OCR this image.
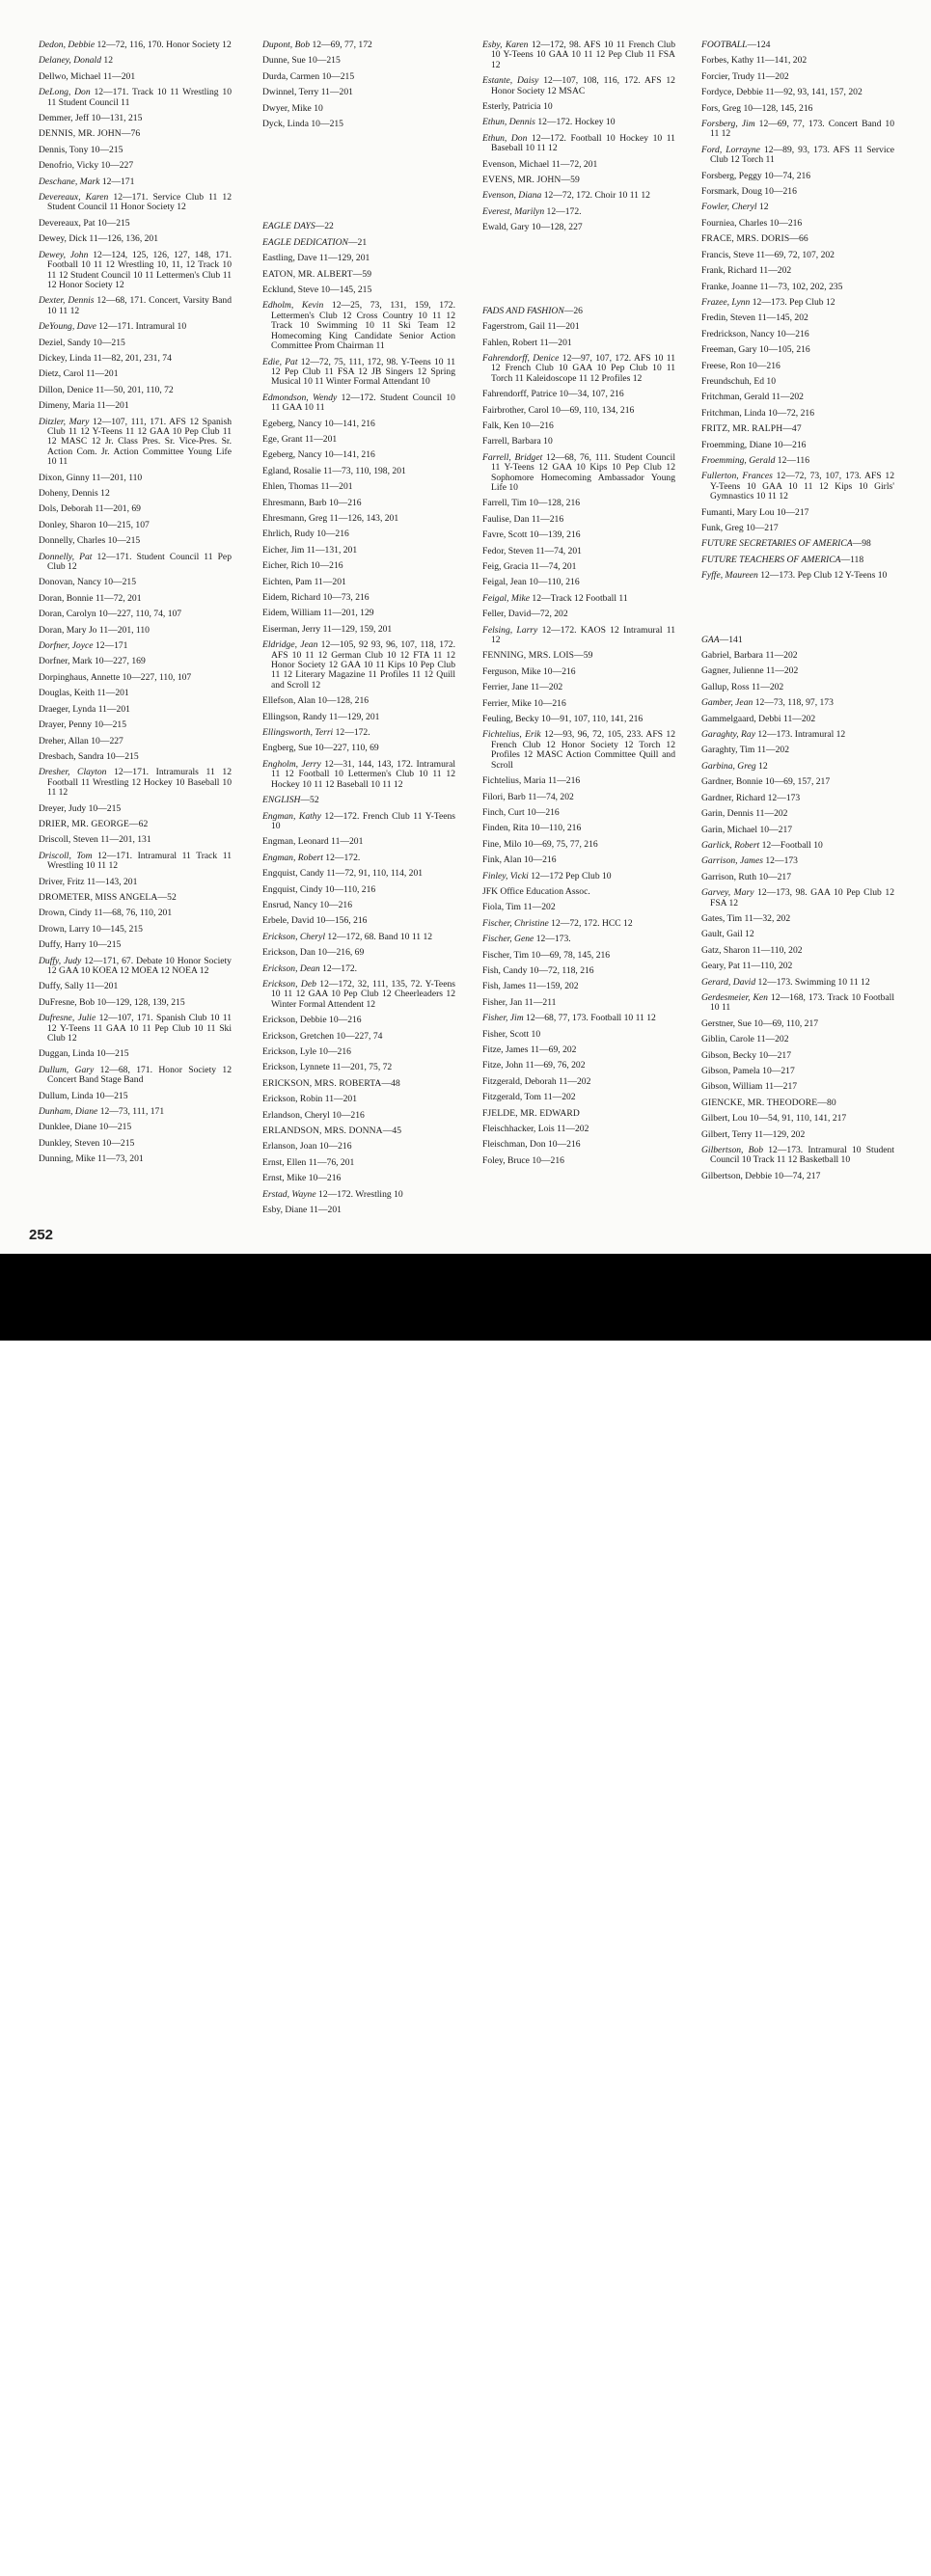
Dedon, Debbie 12—72, 116, 170. Honor Society 12
Delaney, Donald 12
Dellwo, Michael 11—201
DeLong, Don 12—171. Track 10 11 Wrestling 10 11 Student Council 11
Demmer, Jeff 10—131, 215
DENNIS, MR. JOHN—76
Dennis, Tony 10—215
Denofrio, Vicky 10—227
Deschane, Mark 12—171
Devereaux, Karen 12—171. Service Club 11 12 Student Council 11 Honor Society 12
Devereaux, Pat 10—215
Dewey, Dick 11—126, 136, 201
Dewey, John 12—124, 125, 126, 127, 148, 171. Football 10 11 12 Wrestling 10, 11, 12 Track 10 11 12 Student Council 10 11 Lettermen's Club 11 12 Honor Society 12
Dexter, Dennis 12—68, 171. Concert, Varsity Band 10 11 12
DeYoung, Dave 12—171. Intramural 10
Deziel, Sandy 10—215
Dickey, Linda 11—82, 201, 231, 74
Dietz, Carol 11—201
Dillon, Denice 11—50, 201, 110, 72
Dimeny, Maria 11—201
Ditzler, Mary 12—107, 111, 171. AFS 12 Spanish Club 11 12 Y-Teens 11 12 GAA 10 Pep Club 11 12 MASC 12 Jr. Class Pres. Sr. Vice-Pres. Sr. Action Com. Jr. Action Committee Young Life 10 11
Dixon, Ginny 11—201, 110
Doheny, Dennis 12
Dols, Deborah 11—201, 69
Donley, Sharon 10—215, 107
Donnelly, Charles 10—215
Donnelly, Pat 12—171. Student Council 11 Pep Club 12
Donovan, Nancy 10—215
Doran, Bonnie 11—72, 201
Doran, Carolyn 10—227, 110, 74, 107
Doran, Mary Jo 11—201, 110
Dorfner, Joyce 12—171
Dorfner, Mark 10—227, 169
Dorpinghaus, Annette 10—227, 110, 107
Douglas, Keith 11—201
Draeger, Lynda 11—201
Drayer, Penny 10—215
Dreher, Allan 10—227
Dresbach, Sandra 10—215
Dresher, Clayton 12—171. Intramurals 11 12 Football 11 Wrestling 12 Hockey 10 Baseball 10 11 12
Dreyer, Judy 10—215
DRIER, MR. GEORGE—62
Driscoll, Steven 11—201, 131
Driscoll, Tom 12—171. Intramural 11 Track 11 Wrestling 10 11 12
Driver, Fritz 11—143, 201
DROMETER, MISS ANGELA—52
Drown, Cindy 11—68, 76, 110, 201
Drown, Larry 10—145, 215
Duffy, Harry 10—215
Duffy, Judy 12—171, 67. Debate 10 Honor Society 12 GAA 10 KOEA 12 MOEA 12 NOEA 12
Duffy, Sally 11—201
DuFresne, Bob 10—129, 128, 139, 215
Dufresne, Julie 12—107, 171. Spanish Club 10 11 12 Y-Teens 11 GAA 10 11 Pep Club 10 11 Ski Club 12
Duggan, Linda 10—215
Dullum, Gary 12—68, 171. Honor Society 12 Concert Band Stage Band
Dullum, Linda 10—215
Dunham, Diane 12—73, 111, 171
Dunklee, Diane 10—215
Dunkley, Steven 10—215
Dunning, Mike 11—73, 201
Dupont, Bob 12—69, 77, 172
Dunne, Sue 10—215
Durda, Carmen 10—215
Dwinnel, Terry 11—201
Dwyer, Mike 10
Dyck, Linda 10—215
EAGLE DAYS—22
EAGLE DEDICATION—21
Eastling, Dave 11—129, 201
EATON, MR. ALBERT—59
Ecklund, Steve 10—145, 215
Edholm, Kevin 12—25, 73, 131, 159, 172. Lettermen's Club 12 Cross Country 10 11 12 Track 10 Swimming 10 11 Ski Team 12 Homecoming King Candidate Senior Action Committee Prom Chairman 11
Edie, Pat 12—72, 75, 111, 172, 98. Y-Teens 10 11 12 Pep Club 11 FSA 12 JB Singers 12 Spring Musical 10 11 Winter Formal Attendant 10
Edmondson, Wendy 12—172. Student Council 10 11 GAA 10 11
Egeberg, Nancy 10—141, 216
Ege, Grant 11—201
Egeberg, Nancy 10—141, 216
Egland, Rosalie 11—73, 110, 198, 201
Ehlen, Thomas 11—201
Ehresmann, Barb 10—216
Ehresmann, Greg 11—126, 143, 201
Ehrlich, Rudy 10—216
Eicher, Jim 11—131, 201
Eicher, Rich 10—216
Eichten, Pam 11—201
Eidem, Richard 10—73, 216
Eidem, William 11—201, 129
Eiserman, Jerry 11—129, 159, 201
Eldridge, Jean 12—105, 92 93, 96, 107, 118, 172. AFS 10 11 12 German Club 10 12 FTA 11 12 Honor Society 12 GAA 10 11 Kips 10 Pep Club 11 12 Literary Magazine 11 Profiles 11 12 Quill and Scroll 12
Ellefson, Alan 10—128, 216
Ellingson, Randy 11—129, 201
Ellingsworth, Terri 12—172.
Engberg, Sue 10—227, 110, 69
Engholm, Jerry 12—31, 144, 143, 172. Intramural 11 12 Football 10 Lettermen's Club 10 11 12 Hockey 10 11 12 Baseball 10 11 12
ENGLISH—52
Engman, Kathy 12—172. French Club 11 Y-Teens 10
Engman, Leonard 11—201
Engman, Robert 12—172.
Engquist, Candy 11—72, 91, 110, 114, 201
Engquist, Cindy 10—110, 216
Ensrud, Nancy 10—216
Erbele, David 10—156, 216
Erickson, Cheryl 12—172, 68. Band 10 11 12
Erickson, Dan 10—216, 69
Erickson, Dean 12—172.
Erickson, Deb 12—172, 32, 111, 135, 72. Y-Teens 10 11 12 GAA 10 Pep Club 12 Cheerleaders 12 Winter Formal Attendent 12
Erickson, Debbie 10—216
Erickson, Gretchen 10—227, 74
Erickson, Lyle 10—216
Erickson, Lynnete 11—201, 75, 72
ERICKSON, MRS. ROBERTA—48
Erickson, Robin 11—201
Erlandson, Cheryl 10—216
ERLANDSON, MRS. DONNA—45
Erlanson, Joan 10—216
Ernst, Ellen 11—76, 201
Ernst, Mike 10—216
Erstad, Wayne 12—172. Wrestling 10
Esby, Diane 11—201
Esby, Karen 12—172, 98. AFS 10 11 French Club 10 Y-Teens 10 GAA 10 11 12 Pep Club 11 FSA 12
Estante, Daisy 12—107, 108, 116, 172. AFS 12 Honor Society 12 MSAC
Esterly, Patricia 10
Ethun, Dennis 12—172. Hockey 10
Ethun, Don 12—172. Football 10 Hockey 10 11 Baseball 10 11 12
Evenson, Michael 11—72, 201
EVENS, MR. JOHN—59
Evenson, Diana 12—72, 172. Choir 10 11 12
Everest, Marilyn 12—172.
Ewald, Gary 10—128, 227
FADS AND FASHION—26
Fagerstrom, Gail 11—201
Fahlen, Robert 11—201
Fahrendorff, Denice 12—97, 107, 172. AFS 10 11 12 French Club 10 GAA 10 Pep Club 10 11 Torch 11 Kaleidoscope 11 12 Profiles 12
Fahrendorff, Patrice 10—34, 107, 216
Fairbrother, Carol 10—69, 110, 134, 216
Falk, Ken 10—216
Farrell, Barbara 10
Farrell, Bridget 12—68, 76, 111. Student Council 11 Y-Teens 12 GAA 10 Kips 10 Pep Club 12 Sophomore Homecoming Ambassador Young Life 10
Farrell, Tim 10—128, 216
Faulise, Dan 11—216
Favre, Scott 10—139, 216
Fedor, Steven 11—74, 201
Feig, Gracia 11—74, 201
Feigal, Jean 10—110, 216
Feigal, Mike 12—Track 12 Football 11
Feller, David—72, 202
Felsing, Larry 12—172. KAOS 12 Intramural 11 12
FENNING, MRS. LOIS—59
Ferguson, Mike 10—216
Ferrier, Jane 11—202
Ferrier, Mike 10—216
Feuling, Becky 10—91, 107, 110, 141, 216
Fichtelius, Erik 12—93, 96, 72, 105, 233. AFS 12 French Club 12 Honor Society 12 Torch 12 Profiles 12 MASC Action Committee Quill and Scroll
Fichtelius, Maria 11—216
Filori, Barb 11—74, 202
Finch, Curt 10—216
Finden, Rita 10—110, 216
Fine, Milo 10—69, 75, 77, 216
Fink, Alan 10—216
Finley, Vicki 12—172 Pep Club 10
JFK Office Education Assoc.
Fiola, Tim 11—202
Fischer, Christine 12—72, 172. HCC 12
Fischer, Gene 12—173.
Fischer, Tim 10—69, 78, 145, 216
Fish, Candy 10—72, 118, 216
Fish, James 11—159, 202
Fisher, Jan 11—211
Fisher, Jim 12—68, 77, 173. Football 10 11 12
Fisher, Scott 10
Fitze, James 11—69, 202
Fitze, John 11—69, 76, 202
Fitzgerald, Deborah 11—202
Fitzgerald, Tom 11—202
FJELDE, MR. EDWARD
Fleischhacker, Lois 11—202
Fleischman, Don 10—216
Foley, Bruce 10—216
FOOTBALL—124
Forbes, Kathy 11—141, 202
Forcier, Trudy 11—202
Fordyce, Debbie 11—92, 93, 141, 157, 202
Fors, Greg 10—128, 145, 216
Forsberg, Jim 12—69, 77, 173. Concert Band 10 11 12
Ford, Lorrayne 12—89, 93, 173. AFS 11 Service Club 12 Torch 11
Forsberg, Peggy 10—74, 216
Forsmark, Doug 10—216
Fowler, Cheryl 12
Fourniea, Charles 10—216
FRACE, MRS. DORIS—66
Francis, Steve 11—69, 72, 107, 202
Frank, Richard 11—202
Franke, Joanne 11—73, 102, 202, 235
Frazee, Lynn 12—173. Pep Club 12
Fredin, Steven 11—145, 202
Fredrickson, Nancy 10—216
Freeman, Gary 10—105, 216
Freese, Ron 10—216
Freundschuh, Ed 10
Fritchman, Gerald 11—202
Fritchman, Linda 10—72, 216
FRITZ, MR. RALPH—47
Froemming, Diane 10—216
Froemming, Gerald 12—116
Fullerton, Frances 12—72, 73, 107, 173. AFS 12 Y-Teens 10 GAA 10 11 12 Kips 10 Girls' Gymnastics 10 11 12
Fumanti, Mary Lou 10—217
Funk, Greg 10—217
FUTURE SECRETARIES OF AMERICA—98
FUTURE TEACHERS OF AMERICA—118
Fyffe, Maureen 12—173. Pep Club 12 Y-Teens 10
GAA—141
Gabriel, Barbara 11—202
Gagner, Julienne 11—202
Gallup, Ross 11—202
Gamber, Jean 12—73, 118, 97, 173
Gammelgaard, Debbi 11—202
Garaghty, Ray 12—173. Intramural 12
Garaghty, Tim 11—202
Garbina, Greg 12
Gardner, Bonnie 10—69, 157, 217
Gardner, Richard 12—173
Garin, Dennis 11—202
Garin, Michael 10—217
Garlick, Robert 12—Football 10
Garrison, James 12—173
Garrison, Ruth 10—217
Garvey, Mary 12—173, 98. GAA 10 Pep Club 12 FSA 12
Gates, Tim 11—32, 202
Gault, Gail 12
Gatz, Sharon 11—110, 202
Geary, Pat 11—110, 202
Gerard, David 12—173. Swimming 10 11 12
Gerdesmeier, Ken 12—168, 173. Track 10 Football 10 11
Gerstner, Sue 10—69, 110, 217
Giblin, Carole 11—202
Gibson, Becky 10—217
Gibson, Pamela 10—217
Gibson, William 11—217
GIENCKE, MR. THEODORE—80
Gilbert, Lou 10—54, 91, 110, 141, 217
Gilbert, Terry 11—129, 202
Gilbertson, Bob 12—173. Intramural 10 Student Council 10 Track 11 12 Basketball 10
Gilbertson, Debbie 10—74, 217
252
alamy	Image ID: 3A8THJ6
www.alamy.com
